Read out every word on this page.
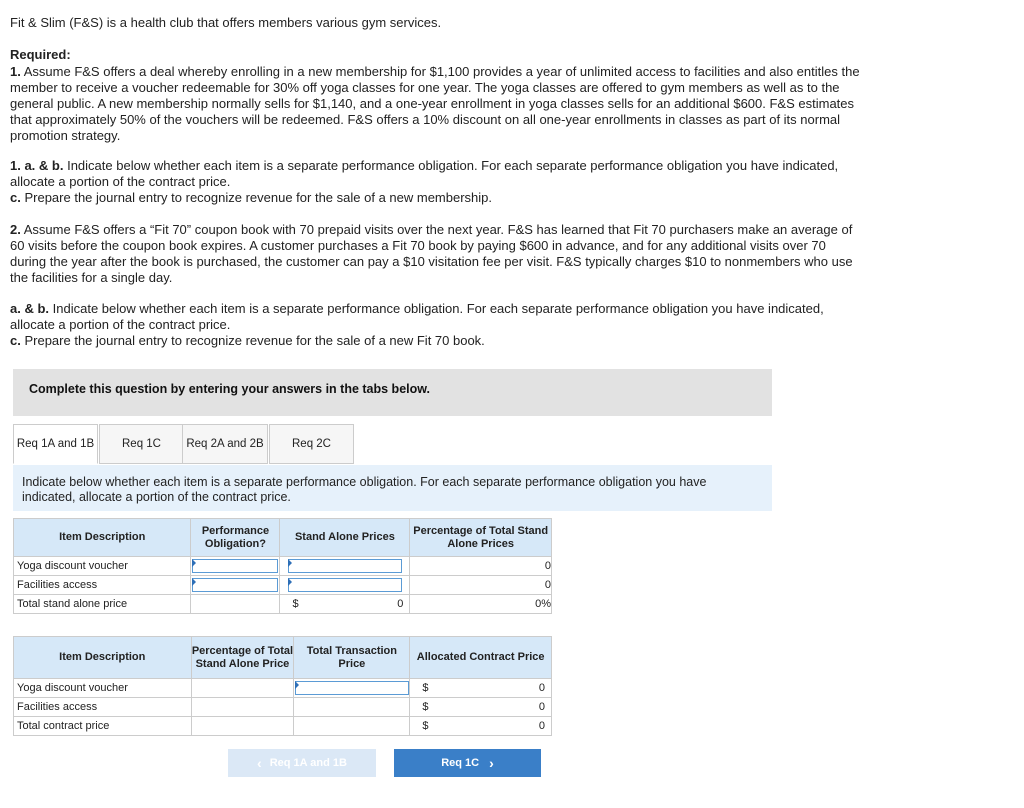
Fit & Slim (F&S) is a health club that offers members various gym services.

Required:

1. Assume F&S offers a deal whereby enrolling in a new membership for $1,100 provides a year of unlimited access to facilities and also entitles the member to receive a voucher redeemable for 30% off yoga classes for one year. The yoga classes are offered to gym members as well as to the general public. A new membership normally sells for $1,140, and a one-year enrollment in yoga classes sells for an additional $600. F&S estimates that approximately 50% of the vouchers will be redeemed. F&S offers a 10% discount on all one-year enrollments in classes as part of its normal promotion strategy.

1. a. & b. Indicate below whether each item is a separate performance obligation. For each separate performance obligation you have indicated, allocate a portion of the contract price.

c. Prepare the journal entry to recognize revenue for the sale of a new membership.

2. Assume F&S offers a “Fit 70” coupon book with 70 prepaid visits over the next year. F&S has learned that Fit 70 purchasers make an average of 60 visits before the coupon book expires. A customer purchases a Fit 70 book by paying $600 in advance, and for any additional visits over 70 during the year after the book is purchased, the customer can pay a $10 visitation fee per visit. F&S typically charges $10 to nonmembers who use the facilities for a single day.

a. & b. Indicate below whether each item is a separate performance obligation. For each separate performance obligation you have indicated, allocate a portion of the contract price.

c. Prepare the journal entry to recognize revenue for the sale of a new Fit 70 book.

Complete this question by entering your answers in the tabs below.
Req 1A and 1B	Req 1C	Req 2A and 2B	Req 2C
Indicate below whether each item is a separate performance obligation. For each separate performance obligation you have indicated, allocate a portion of the contract price.
Item Description	Performance Obligation?	Stand Alone Prices	Percentage of Total Stand Alone Prices
Yoga discount voucher			0
Facilities access			0
Total stand alone price		$ 0	0%
Item Description	Percentage of Total Stand Alone Price	Total Transaction Price	Allocated Contract Price
Yoga discount voucher			$ 0

Facilities access			$ 0

Total contract price			$ 0
‹ Req 1A and 1B	Req 1C ›
